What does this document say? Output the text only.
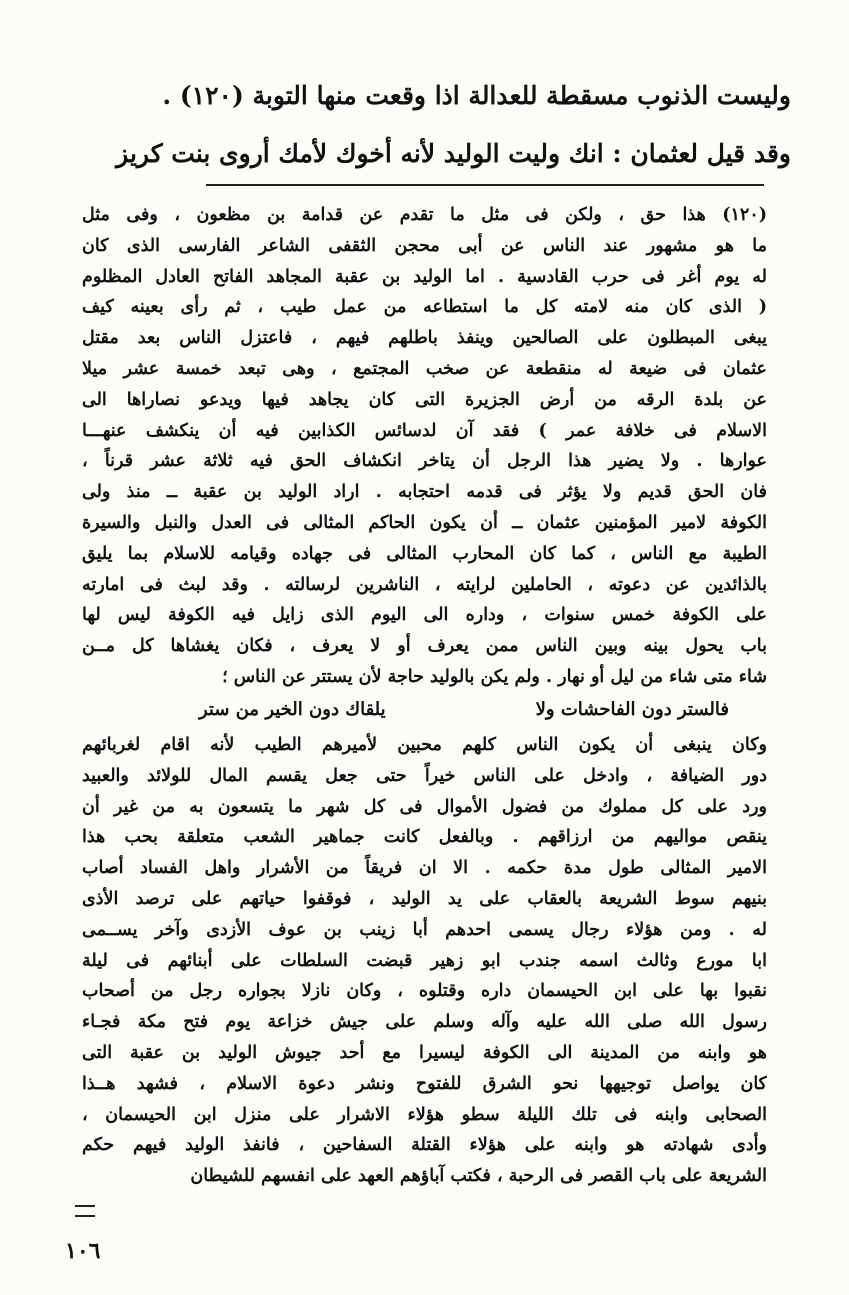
وليست الذنوب مسقطة للعدالة اذا وقعت منها التوبة (١٢٠) .
وقد قيل لعثمان : انك وليت الوليد لأنه أخوك لأمك أروى بنت كريز
(١٢٠) هذا حق ، ولكن فى مثل ما تقدم عن قدامة بن مظعون ، وفى مثل
ما هو مشهور عند الناس عن أبى محجن الثقفى الشاعر الفارسى الذى كان
له يوم أغر فى حرب القادسية . اما الوليد بن عقبة المجاهد الفاتح العادل المظلوم
( الذى كان منه لامته كل ما استطاعه من عمل طيب ، ثم رأى بعينه كيف
يبغى المبطلون على الصالحين وينفذ باطلهم فيهم ، فاعتزل الناس بعد مقتل
عثمان فى ضيعة له منقطعة عن صخب المجتمع ، وهى تبعد خمسة عشر ميلا
عن بلدة الرقه من أرض الجزيرة التى كان يجاهد فيها ويدعو نصاراها الى
الاسلام فى خلافة عمر ) فقد آن لدسائس الكذابين فيه أن ينكشف عنهـــا
عوارها . ولا يضير هذا الرجل أن يتاخر انكشاف الحق فيه ثلاثة عشر قرناً ،
فان الحق قديم ولا يؤثر فى قدمه احتجابه . اراد الوليد بن عقبة ــ منذ ولى
الكوفة لامير المؤمنين عثمان ــ أن يكون الحاكم المثالى فى العدل والنبل والسيرة
الطيبة مع الناس ، كما كان المحارب المثالى فى جهاده وقيامه للاسلام بما يليق
بالذائدين عن دعوته ، الحاملين لرايته ، الناشرين لرسالته . وقد لبث فى امارته
على الكوفة خمس سنوات ، وداره الى اليوم الذى زايل فيه الكوفة ليس لها
باب يحول بينه وبين الناس ممن يعرف أو لا يعرف ، فكان يغشاها كل مــن
شاء متى شاء من ليل أو نهار . ولم يكن بالوليد حاجة لأن يستتر عن الناس ؛
فالستر دون الفاحشات ولا
يلقاك دون الخير من ستر
وكان ينبغى أن يكون الناس كلهم محبين لأميرهم الطيب لأنه اقام لغربائهم
دور الضيافة ، وادخل على الناس خيراً حتى جعل يقسم المال للولائد والعبيد
ورد على كل مملوك من فضول الأموال فى كل شهر ما يتسعون به من غير أن
ينقص مواليهم من ارزاقهم . وبالفعل كانت جماهير الشعب متعلقة بحب هذا
الامير المثالى طول مدة حكمه . الا ان فريقاً من الأشرار واهل الفساد أصاب
بنيهم سوط الشريعة بالعقاب على يد الوليد ، فوقفوا حياتهم على ترصد الأذى
له . ومن هؤلاء رجال يسمى احدهم أبا زينب بن عوف الأزدى وآخر يســمى
ابا مورع وثالث اسمه جندب ابو زهير قبضت السلطات على أبنائهم فى ليلة
نقبوا بها على ابن الحيسمان داره وقتلوه ، وكان نازلا بجواره رجل من أصحاب
رسول الله صلى الله عليه وآله وسلم على جيش خزاعة يوم فتح مكة فجـاء
هو وابنه من المدينة الى الكوفة ليسيرا مع أحد جيوش الوليد بن عقبة التى
كان يواصل توجيهها نحو الشرق للفتوح ونشر دعوة الاسلام ، فشهد هــذا
الصحابى وابنه فى تلك الليلة سطو هؤلاء الاشرار على منزل ابن الحيسمان ،
وأدى شهادته هو وابنه على هؤلاء القتلة السفاحين ، فانفذ الوليد فيهم حكم
الشريعة على باب القصر فى الرحبة ، فكتب آباؤهم العهد على انفسهم للشيطان
١٠٦
